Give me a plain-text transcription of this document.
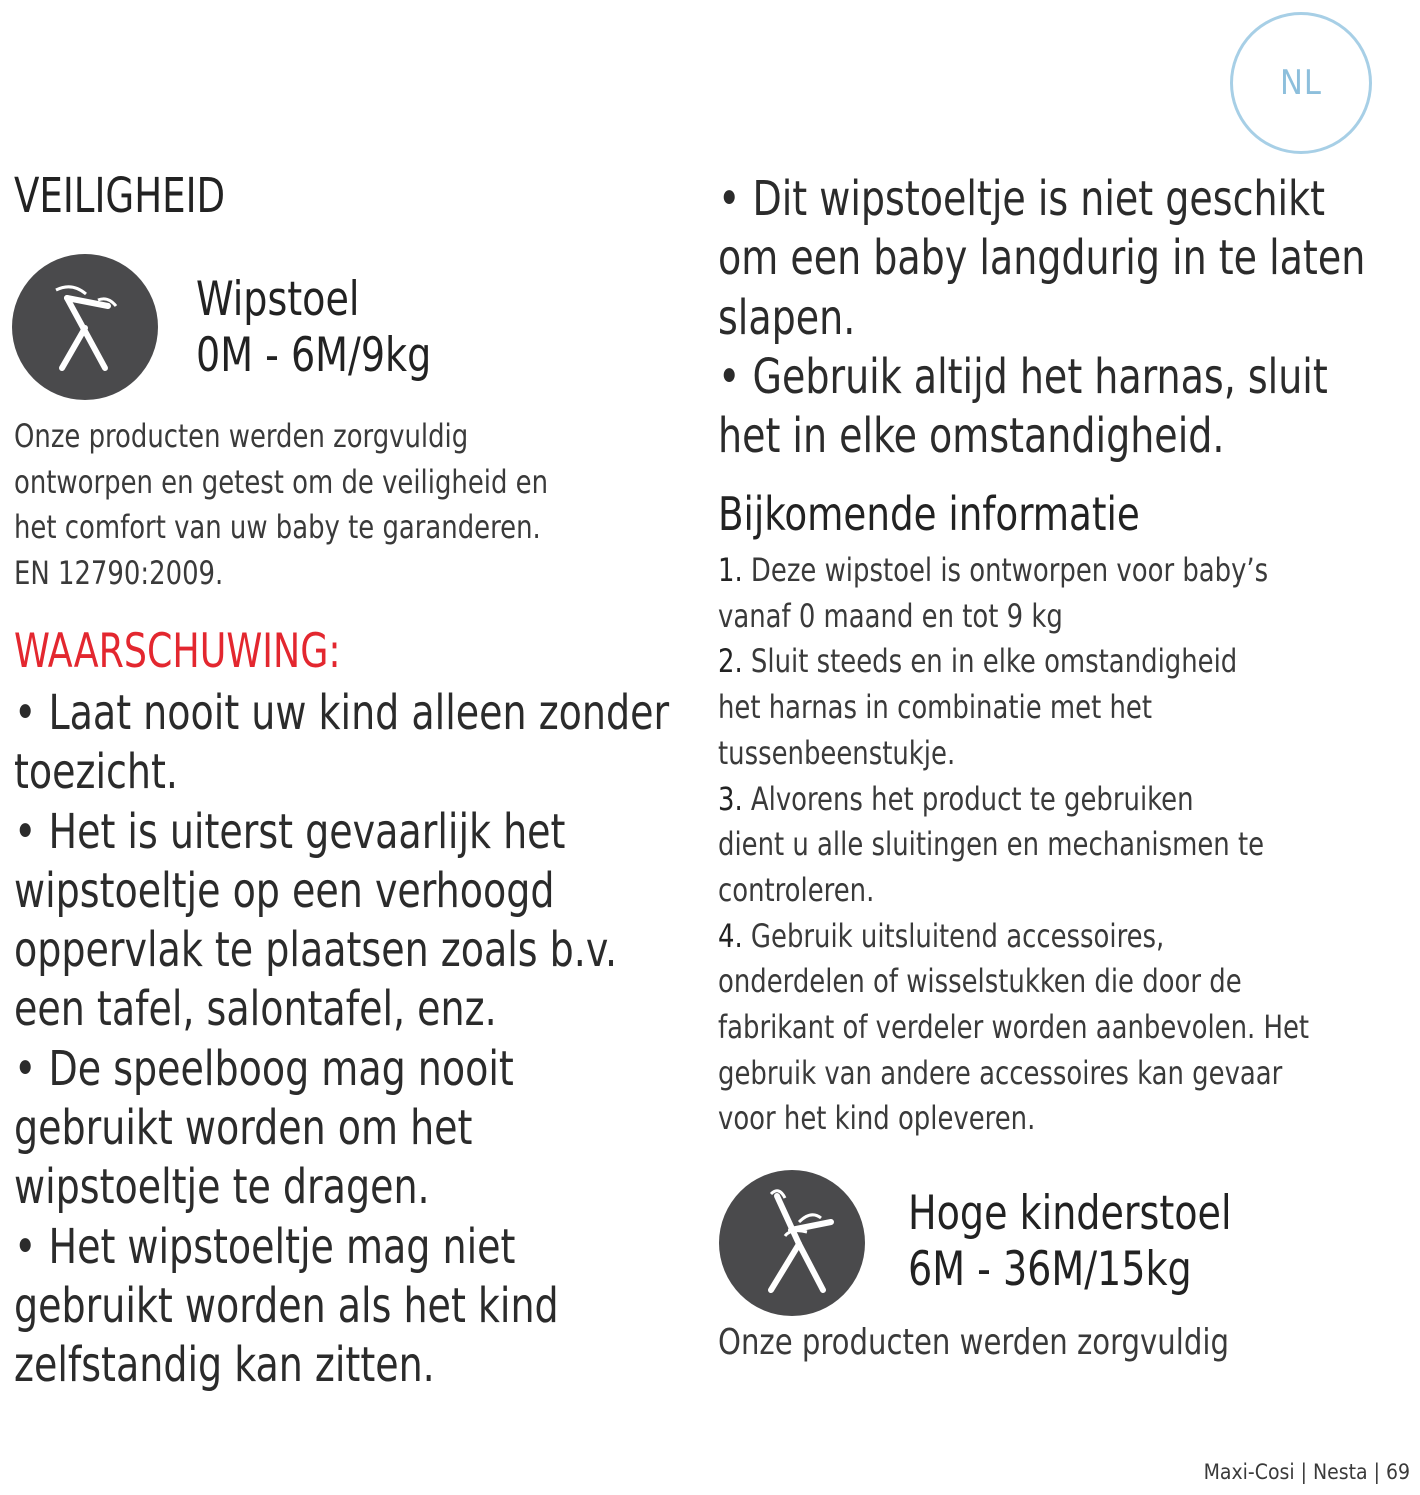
NL
VEILIGHEID
Wipstoel
0M - 6M/9kg
Onze producten werden zorgvuldig
ontworpen en getest om de veiligheid en
het comfort van uw baby te garanderen.
EN 12790:2009.
WAARSCHUWING:
• Laat nooit uw kind alleen zonder
toezicht.
• Het is uiterst gevaarlijk het
wipstoeltje op een verhoogd
oppervlak te plaatsen zoals b.v.
een tafel, salontafel, enz.
• De speelboog mag nooit
gebruikt worden om het
wipstoeltje te dragen.
• Het wipstoeltje mag niet
gebruikt worden als het kind
zelfstandig kan zitten.
• Dit wipstoeltje is niet geschikt
om een baby langdurig in te laten
slapen.
• Gebruik altijd het harnas, sluit
het in elke omstandigheid.
Bijkomende informatie
1. Deze wipstoel is ontworpen voor baby’s
vanaf 0 maand en tot 9 kg
2. Sluit steeds en in elke omstandigheid
het harnas in combinatie met het
tussenbeenstukje.
3. Alvorens het product te gebruiken
dient u alle sluitingen en mechanismen te
controleren.
4. Gebruik uitsluitend accessoires,
onderdelen of wisselstukken die door de
fabrikant of verdeler worden aanbevolen. Het
gebruik van andere accessoires kan gevaar
voor het kind opleveren.
Hoge kinderstoel
6M - 36M/15kg
Onze producten werden zorgvuldig
Maxi-Cosi | Nesta | 69
